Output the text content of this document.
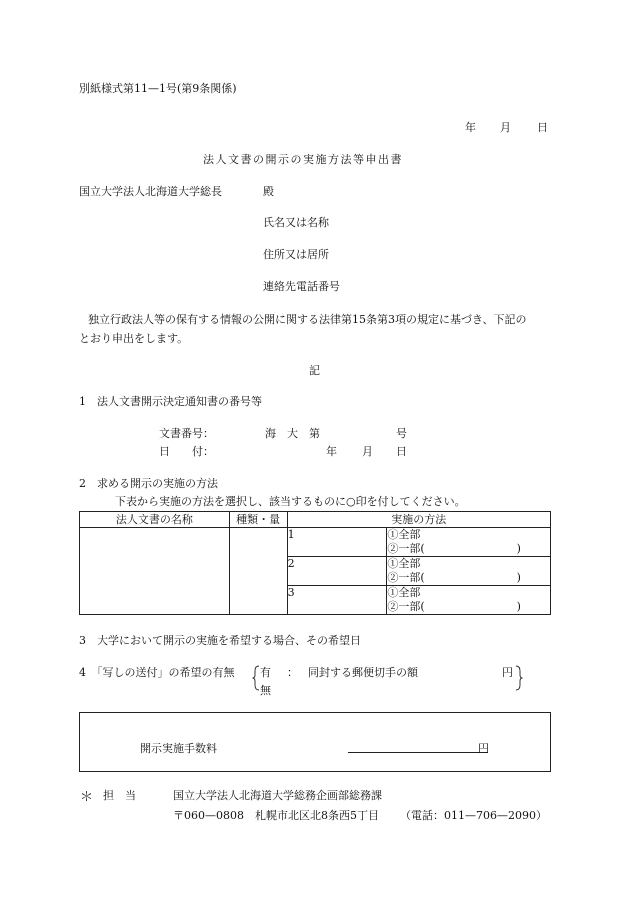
別紙様式第11—1号(第9条関係)
年 月 日
法人文書の開示の実施方法等申出書
国立大学法人北海道大学総長	殿
氏名又は名称
住所又は居所
連絡先電話番号
独立行政法人等の保有する情報の公開に関する法律第15条第3項の規定に基づき、下記の
とおり申出をします。
記
1　法人文書開示決定通知書の番号等
文書番号：	海　大　第	号
日　　付：	年 月 日
2　求める開示の実施の方法
下表から実施の方法を選択し、該当するものに○印を付してください。
法人文書の名称	種類・量	実施の方法	
		1	①全部
②一部( )

		2	①全部
②一部( )

		3	①全部
②一部( )
3　大学において開示の実施を希望する場合、その希望日
4　「写しの送付」の希望の有無 有 ： 同封する郵便切手の額	円
無
開示実施手数料	円
＊ 担　当	国立大学法人北海道大学総務企画部総務課
〒060—0808　札幌市北区北8条西5丁目 （電話：011—706—2090）
